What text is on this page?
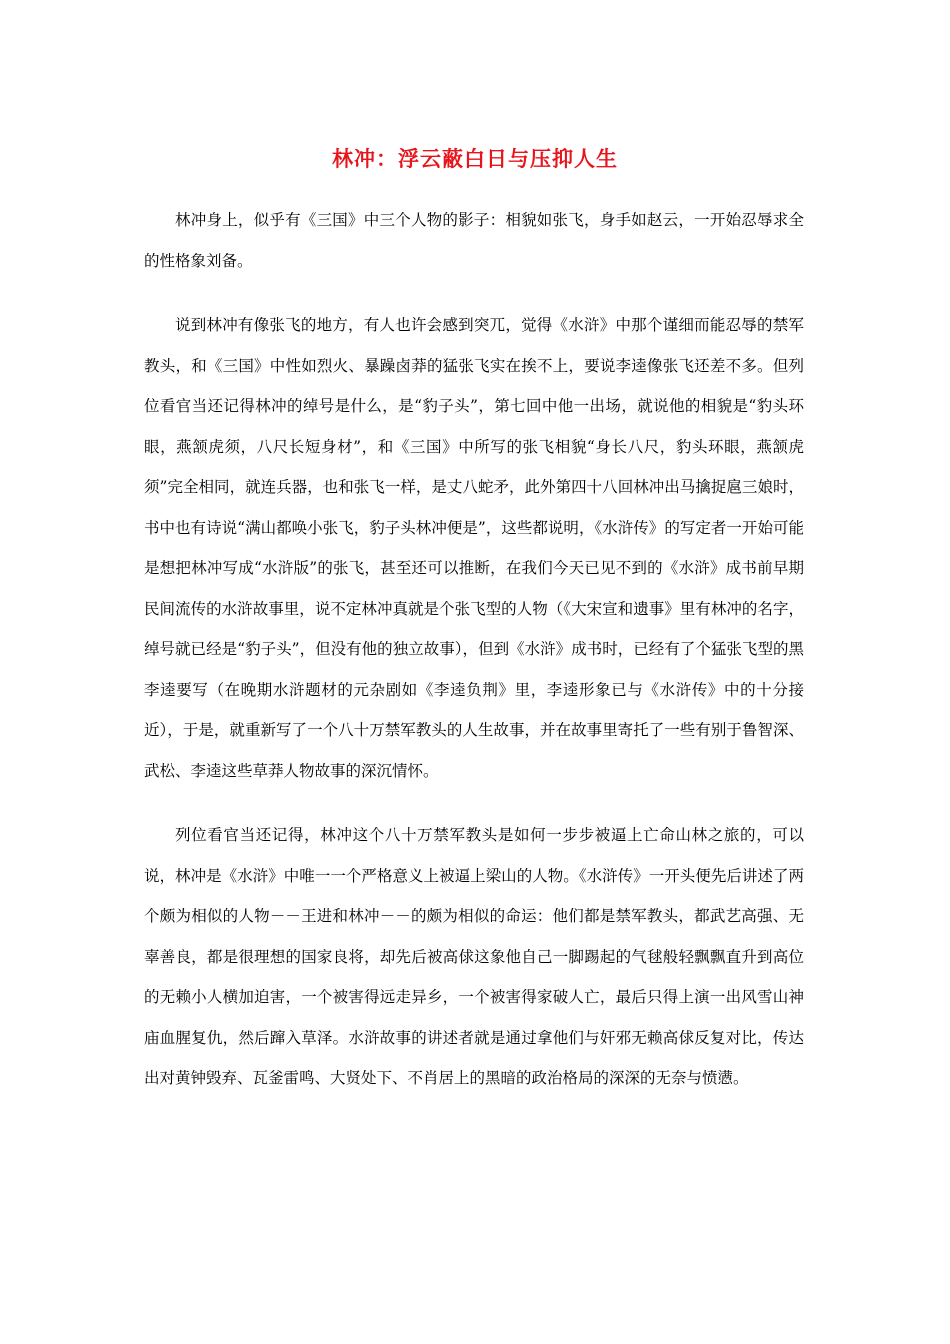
林冲：浮云蔽白日与压抑人生

林冲身上，似乎有《三国》中三个人物的影子：相貌如张飞，身手如赵云，一开始忍辱求全的性格象刘备。

说到林冲有像张飞的地方，有人也许会感到突兀，觉得《水浒》中那个谨细而能忍辱的禁军教头，和《三国》中性如烈火、暴躁卤莽的猛张飞实在挨不上，要说李逵像张飞还差不多。但列位看官当还记得林冲的绰号是什么，是“豹子头”，第七回中他一出场，就说他的相貌是“豹头环眼，燕颔虎须，八尺长短身材”，和《三国》中所写的张飞相貌“身长八尺，豹头环眼，燕颔虎须”完全相同，就连兵器，也和张飞一样，是丈八蛇矛，此外第四十八回林冲出马擒捉扈三娘时，书中也有诗说“满山都唤小张飞，豹子头林冲便是”，这些都说明，《水浒传》的写定者一开始可能是想把林冲写成“水浒版”的张飞，甚至还可以推断，在我们今天已见不到的《水浒》成书前早期民间流传的水浒故事里，说不定林冲真就是个张飞型的人物（《大宋宣和遗事》里有林冲的名字，绰号就已经是“豹子头”，但没有他的独立故事），但到《水浒》成书时，已经有了个猛张飞型的黑李逵要写（在晚期水浒题材的元杂剧如《李逵负荆》里，李逵形象已与《水浒传》中的十分接近），于是，就重新写了一个八十万禁军教头的人生故事，并在故事里寄托了一些有别于鲁智深、武松、李逵这些草莽人物故事的深沉情怀。

列位看官当还记得，林冲这个八十万禁军教头是如何一步步被逼上亡命山林之旅的，可以说，林冲是《水浒》中唯一一个严格意义上被逼上梁山的人物。《水浒传》一开头便先后讲述了两个颇为相似的人物－－王进和林冲－－的颇为相似的命运：他们都是禁军教头，都武艺高强、无辜善良，都是很理想的国家良将，却先后被高俅这象他自己一脚踢起的气毬般轻飘飘直升到高位的无赖小人横加迫害，一个被害得远走异乡，一个被害得家破人亡，最后只得上演一出风雪山神庙血腥复仇，然后蹿入草泽。水浒故事的讲述者就是通过拿他们与奸邪无赖高俅反复对比，传达出对黄钟毁弃、瓦釜雷鸣、大贤处下、不肖居上的黑暗的政治格局的深深的无奈与愤懑。
